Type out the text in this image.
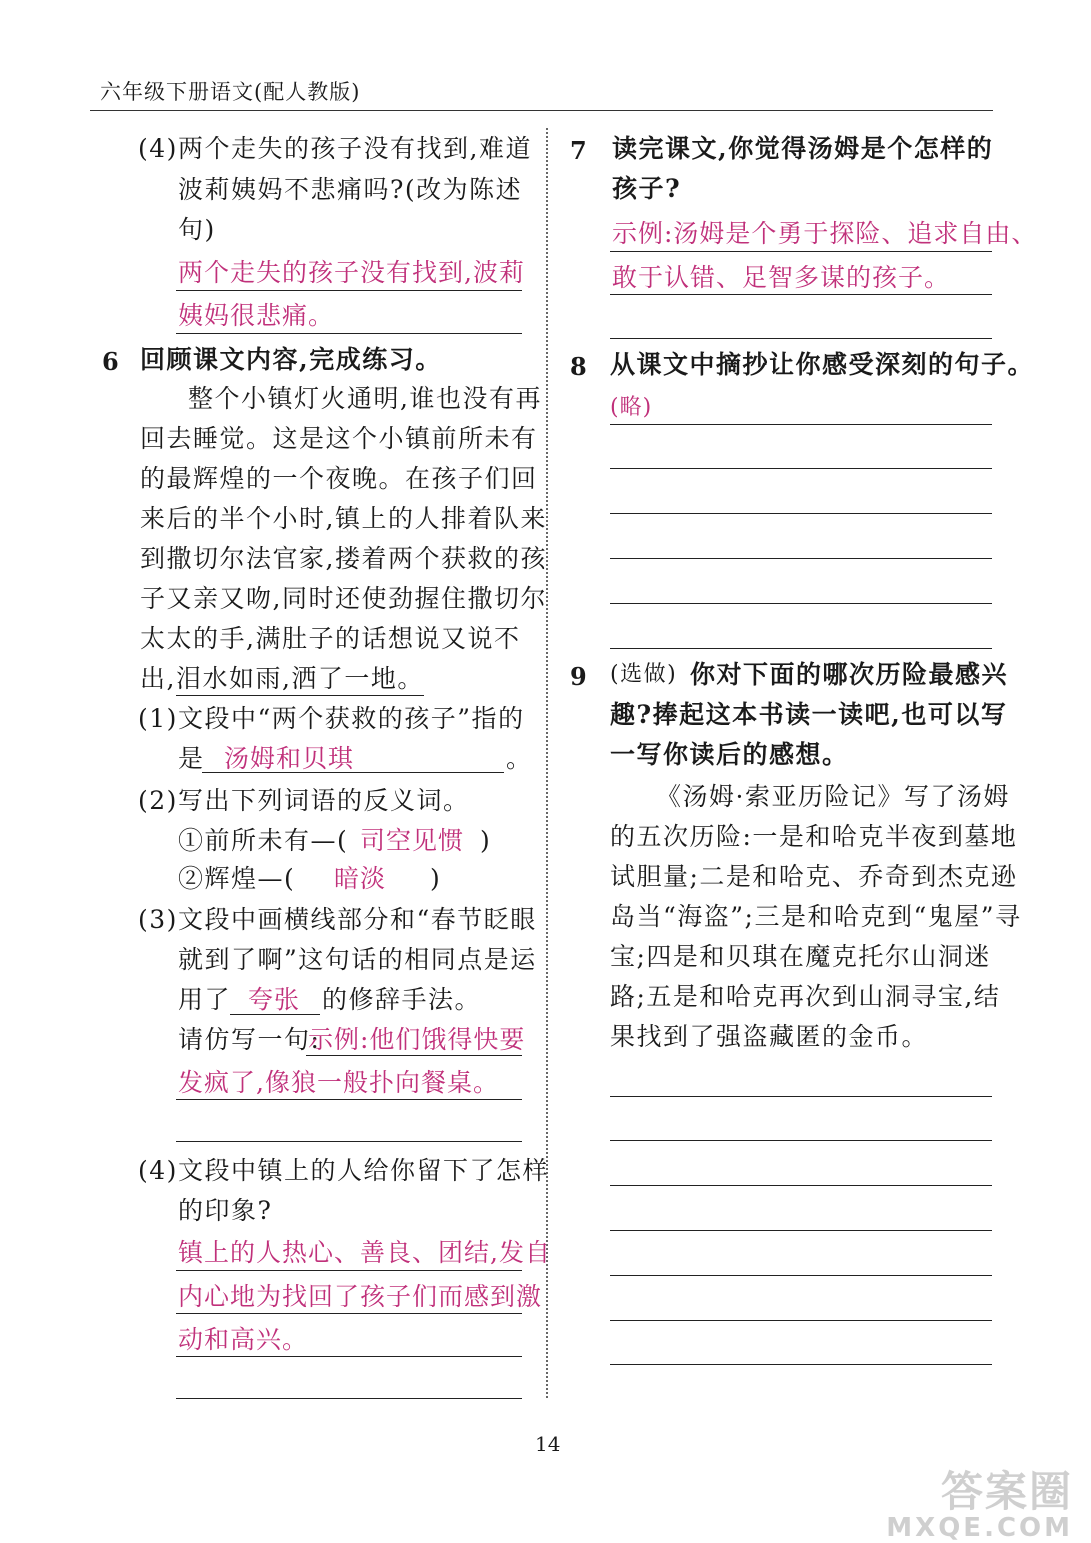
六年级下册语文(配人教版)
(4) 两个走失的孩子没有找到,难道
波莉姨妈不悲痛吗?(改为陈述
句)
两个走失的孩子没有找到,波莉
姨妈很悲痛。
6 回顾课文内容,完成练习。
整个小镇灯火通明,谁也没有再
回去睡觉。这是这个小镇前所未有
的最辉煌的一个夜晚。在孩子们回
来后的半个小时,镇上的人排着队来
到撒切尔法官家,搂着两个获救的孩
子又亲又吻,同时还使劲握住撒切尔
太太的手,满肚子的话想说又说不
出,泪水如雨,洒了一地。
(1) 文段中“两个获救的孩子”指的
是 汤姆和贝琪	。
(2) 写出下列词语的反义词。
①前所未有—( 司空见惯 )
②辉煌—( 暗淡 )
(3) 文段中画横线部分和“春节眨眼
就到了啊”这句话的相同点是运
用了 夸张 的修辞手法。
请仿写一句:
示例:他们饿得快要
发疯了,像狼一般扑向餐桌。
(4) 文段中镇上的人给你留下了怎样
的印象?
镇上的人热心、善良、团结,发自
内心地为找回了孩子们而感到激
动和高兴。
7 读完课文,你觉得汤姆是个怎样的
孩子?
示例:汤姆是个勇于探险、追求自由、
敢于认错、足智多谋的孩子。
8 从课文中摘抄让你感受深刻的句子。
(略)
9 (选做) 你对下面的哪次历险最感兴
趣?捧起这本书读一读吧,也可以写
一写你读后的感想。
《汤姆·索亚历险记》写了汤姆
的五次历险:一是和哈克半夜到墓地
试胆量;二是和哈克、乔奇到杰克逊
岛当“海盗”;三是和哈克到“鬼屋”寻
宝;四是和贝琪在魔克托尔山洞迷
路;五是和哈克再次到山洞寻宝,结
果找到了强盗藏匿的金币。
14
答案圈
MXQE.COM
